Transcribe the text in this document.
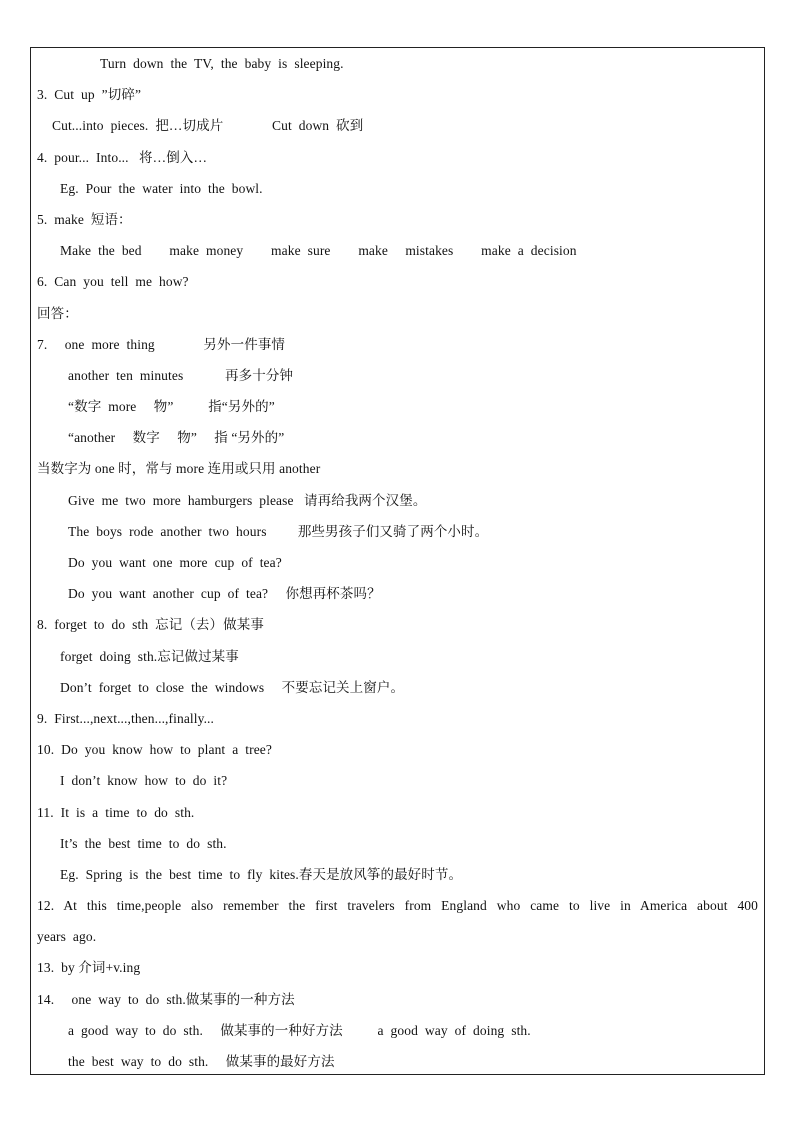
Turn  down  the  TV,  the  baby  is  sleeping.
3.  Cut  up  ”切碎”
Cut...into  pieces.  把…切成片              Cut  down  砍到
4.  pour...  Into...   将…倒入…
Eg.  Pour  the  water  into  the  bowl.
5.  make  短语：
Make  the  bed        make  money        make  sure        make     mistakes        make  a  decision
6.  Can  you  tell  me  how?
回答：
7.     one  more  thing              另外一件事情
another  ten  minutes            再多十分钟
“数字  more     物”          指“另外的”
“another     数字     物”     指 “另外的”
当数字为 one 时，常与 more 连用或只用 another
Give  me  two  more  hamburgers  please   请再给我两个汉堡。
The  boys  rode  another  two  hours         那些男孩子们又骑了两个小时。
Do  you  want  one  more  cup  of  tea?
Do  you  want  another  cup  of  tea?     你想再杯茶吗？
8.  forget  to  do  sth  忘记（去）做某事
forget  doing  sth.忘记做过某事
Don’t  forget  to  close  the  windows     不要忘记关上窗户。
9.  First...,next...,then...,finally...
10.  Do  you  know  how  to  plant  a  tree?
I  don’t  know  how  to  do  it?
11.  It  is  a  time  to  do  sth.
It’s  the  best  time  to  do  sth.
Eg.  Spring  is  the  best  time  to  fly  kites.春天是放风筝的最好时节。
12. At this time,people also remember the first travelers from England who came to live in America about 400
years  ago.
13.  by 介词+v.ing
14.     one  way  to  do  sth.做某事的一种方法
a  good  way  to  do  sth.     做某事的一种好方法          a  good  way  of  doing  sth.
the  best  way  to  do  sth.     做某事的最好方法
